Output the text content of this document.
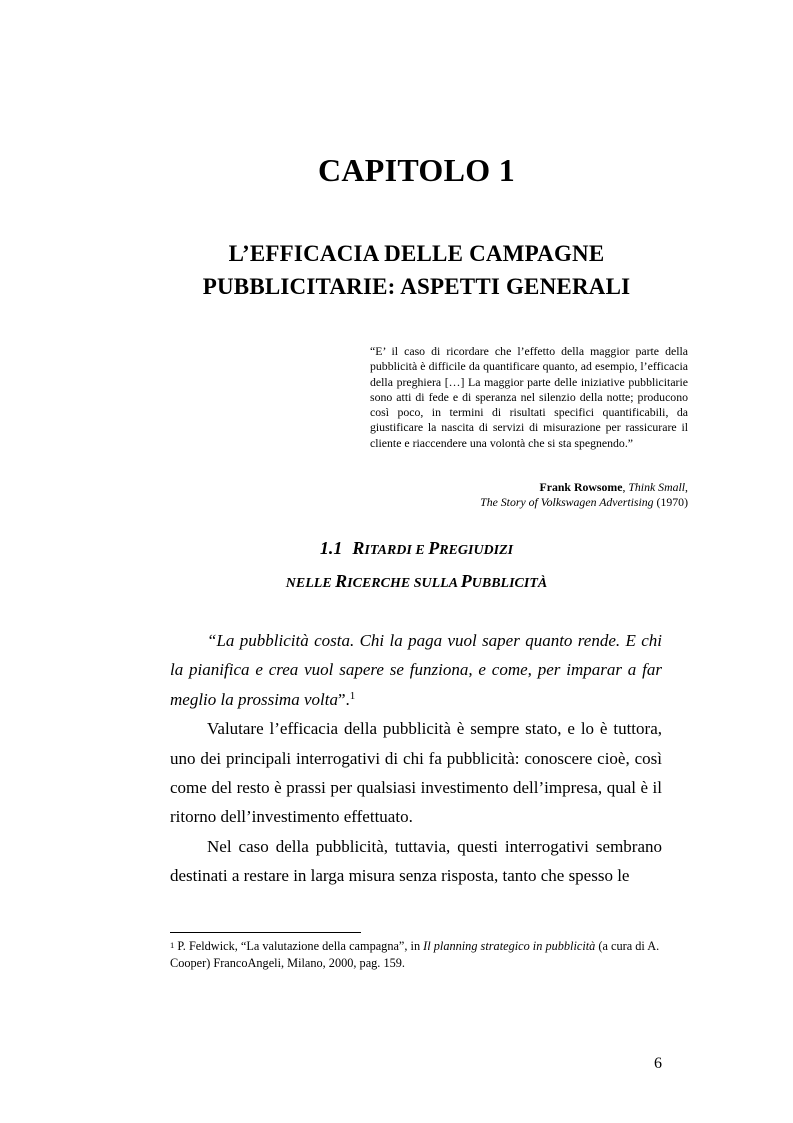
CAPITOLO 1
L’EFFICACIA DELLE CAMPAGNE
PUBBLICITARIE: ASPETTI GENERALI
“E’ il caso di ricordare che l’effetto della maggior parte della pubblicità è difficile da quantificare quanto, ad esempio, l’efficacia della preghiera […] La maggior parte delle iniziative pubblicitarie sono atti di fede e di speranza nel silenzio della notte; producono così poco, in termini di risultati specifici quantificabili, da giustificare la nascita di servizi di misurazione per rassicurare il cliente e riaccendere una volontà che si sta spegnendo.”
Frank Rowsome, Think Small,
The Story of Volkswagen Advertising (1970)
1.1 RITARDI E PREGIUDIZI
NELLE RICERCHE SULLA PUBBLICITÀ

“La pubblicità costa. Chi la paga vuol saper quanto rende. E chi la pianifica e crea vuol sapere se funziona, e come, per imparar a far meglio la prossima volta”.$^1$

Valutare l’efficacia della pubblicità è sempre stato, e lo è tuttora, uno dei principali interrogativi di chi fa pubblicità: conoscere cioè, così come del resto è prassi per qualsiasi investimento dell’impresa, qual è il ritorno dell’investimento effettuato.

Nel caso della pubblicità, tuttavia, questi interrogativi sembrano destinati a restare in larga misura senza risposta, tanto che spesso le

$^1$ P. Feldwick, “La valutazione della campagna”, in Il planning strategico in pubblicità (a cura di A. Cooper) FrancoAngeli, Milano, 2000, pag. 159.
6
